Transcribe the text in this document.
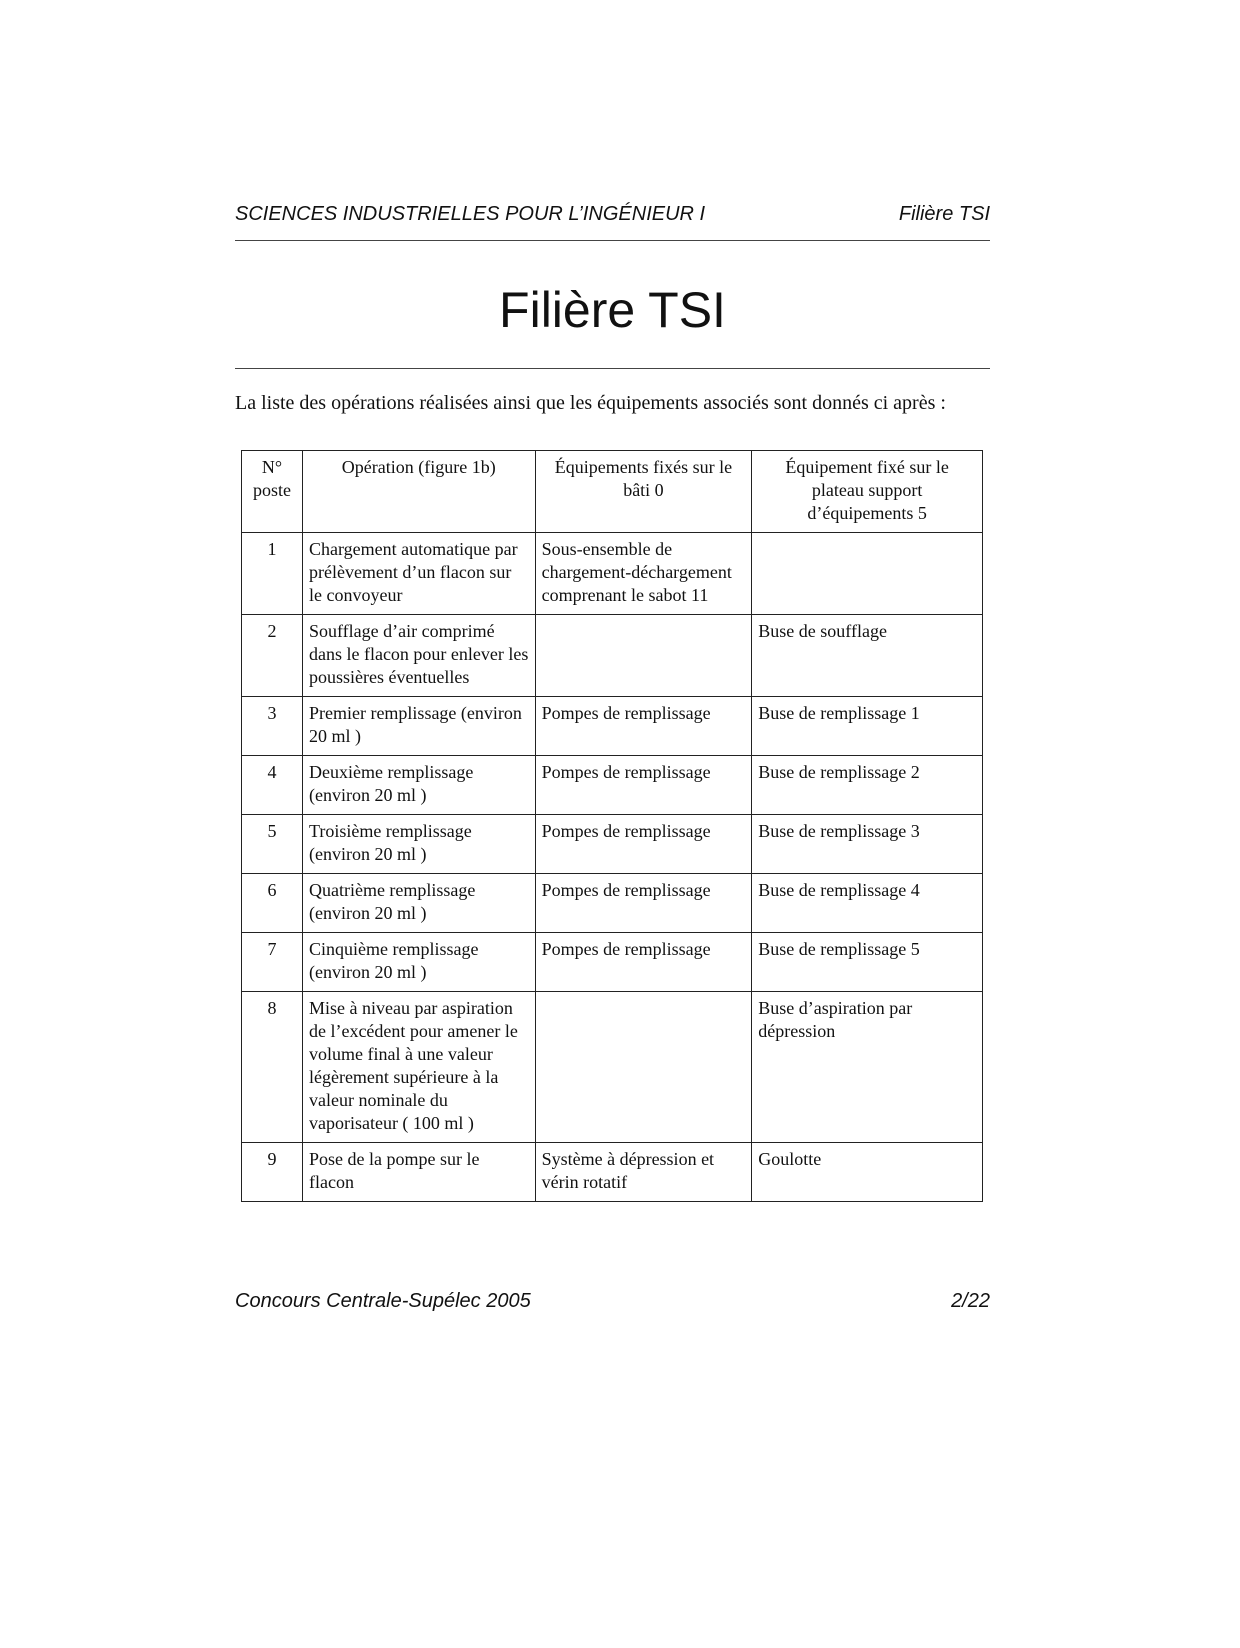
SCIENCES INDUSTRIELLES POUR L’INGÉNIEUR I	Filière TSI
Filière TSI

La liste des opérations réalisées ainsi que les équipements associés sont donnés ci après :

N° poste	Opération (figure 1b)	Équipements fixés sur le bâti 0	Équipement fixé sur le plateau support d’équipements 5
1	Chargement automatique par prélèvement d’un flacon sur le convoyeur	Sous-ensemble de chargement-déchargement comprenant le sabot 11	
2	Soufflage d’air comprimé dans le flacon pour enlever les poussières éventuelles		Buse de soufflage
3	Premier remplissage (environ 20 ml )	Pompes de remplissage	Buse de remplissage 1
4	Deuxième remplissage (environ 20 ml )	Pompes de remplissage	Buse de remplissage 2
5	Troisième remplissage (environ 20 ml )	Pompes de remplissage	Buse de remplissage 3
6	Quatrième remplissage (environ 20 ml )	Pompes de remplissage	Buse de remplissage 4
7	Cinquième remplissage (environ 20 ml )	Pompes de remplissage	Buse de remplissage 5
8	Mise à niveau par aspiration de l’excédent pour amener le volume final à une valeur légèrement supérieure à la valeur nominale du vaporisateur ( 100 ml )		Buse d’aspiration par dépression
9	Pose de la pompe sur le flacon	Système à dépression et vérin rotatif	Goulotte
Concours Centrale-Supélec 2005	2/22
